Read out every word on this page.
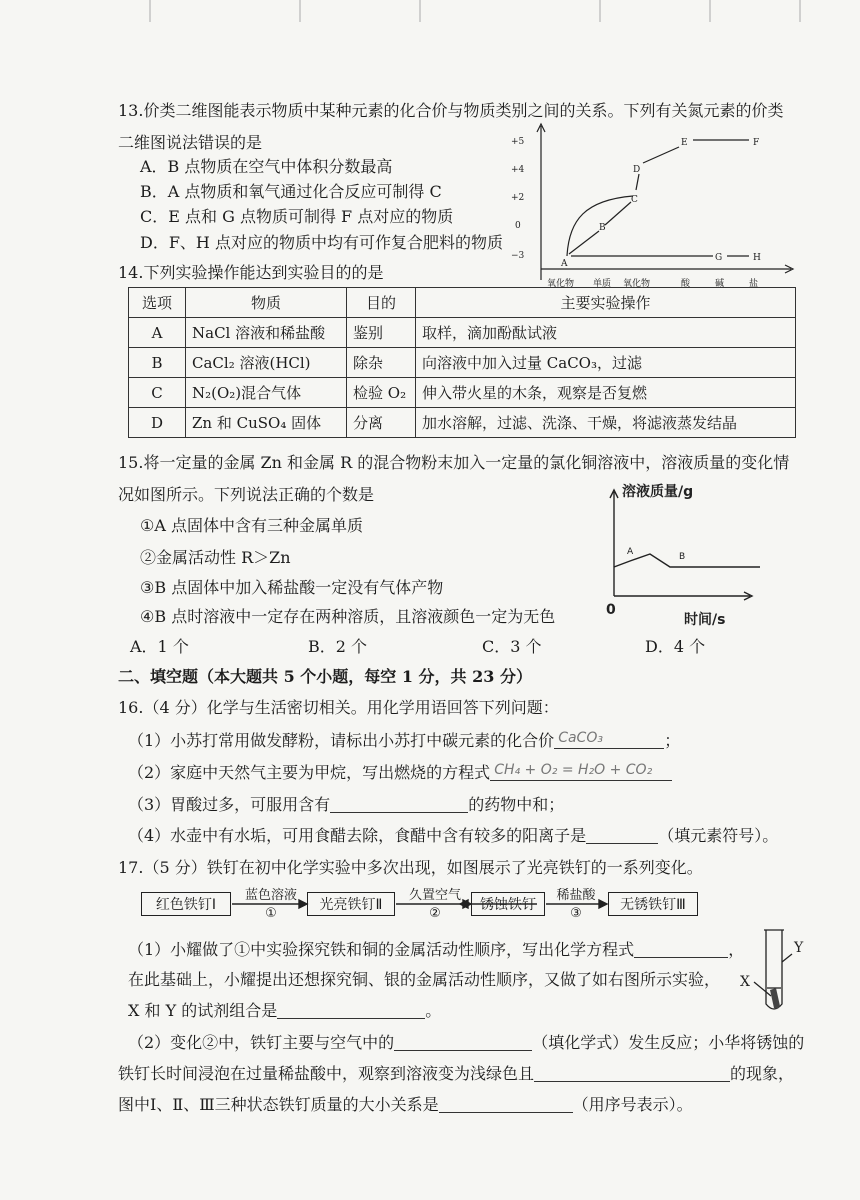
13.价类二维图能表示物质中某种元素的化合价与物质类别之间的关系。下列有关氮元素的价类
二维图说法错误的是
A．B 点物质在空气中体积分数最高
B．A 点物质和氧气通过化合反应可制得 C
C．E 点和 G 点物质可制得 F 点对应的物质
D．F、H 点对应的物质中均有可作复合肥料的物质
+5
+4
+2
0
−3
A
B
C
D
E	F
G	H
氧化物 单质 氧化物	酸	碱	盐
14.下列实验操作能达到实验目的的是
选项	物质	目的	主要实验操作
A	NaCl 溶液和稀盐酸	鉴别	取样，滴加酚酞试液
B	CaCl₂ 溶液(HCl)	除杂	向溶液中加入过量 CaCO₃，过滤
C	N₂(O₂)混合气体	检验 O₂	伸入带火星的木条，观察是否复燃
D	Zn 和 CuSO₄ 固体	分离	加水溶解，过滤、洗涤、干燥，将滤液蒸发结晶
15.将一定量的金属 Zn 和金属 R 的混合物粉末加入一定量的氯化铜溶液中，溶液质量的变化情
况如图所示。下列说法正确的个数是
①A 点固体中含有三种金属单质
②金属活动性 R＞Zn
③B 点固体中加入稀盐酸一定没有气体产物
④B 点时溶液中一定存在两种溶质，且溶液颜色一定为无色
A．1 个	B．2 个	C．3 个	D．4 个
溶液质量/g
0
时间/s
A	B
二、填空题（本大题共 5 个小题，每空 1 分，共 23 分）
16.（4 分）化学与生活密切相关。用化学用语回答下列问题：
（1）小苏打常用做发酵粉，请标出小苏打中碳元素的化合价 CaCO₃	；
（2）家庭中天然气主要为甲烷，写出燃烧的方程式 CH₄ + O₂ = H₂O + CO₂
（3）胃酸过多，可服用含有	的药物中和；
（4）水壶中有水垢，可用食醋去除，食醋中含有较多的阳离子是	（填元素符号）。
17.（5 分）铁钉在初中化学实验中多次出现，如图展示了光亮铁钉的一系列变化。
红色铁钉Ⅰ	光亮铁钉Ⅱ	锈蚀铁钉	无锈铁钉Ⅲ
蓝色溶液
①
久置空气
②
稀盐酸
③
（1）小耀做了①中实验探究铁和铜的金属活动性顺序，写出化学方程式	，
在此基础上，小耀提出还想探究铜、银的金属活动性顺序，又做了如右图所示实验，
X 和 Y 的试剂组合是	。
Y
X
（2）变化②中，铁钉主要与空气中的	（填化学式）发生反应；小华将锈蚀的
铁钉长时间浸泡在过量稀盐酸中，观察到溶液变为浅绿色且	的现象，
图中Ⅰ、Ⅱ、Ⅲ三种状态铁钉质量的大小关系是	（用序号表示）。
